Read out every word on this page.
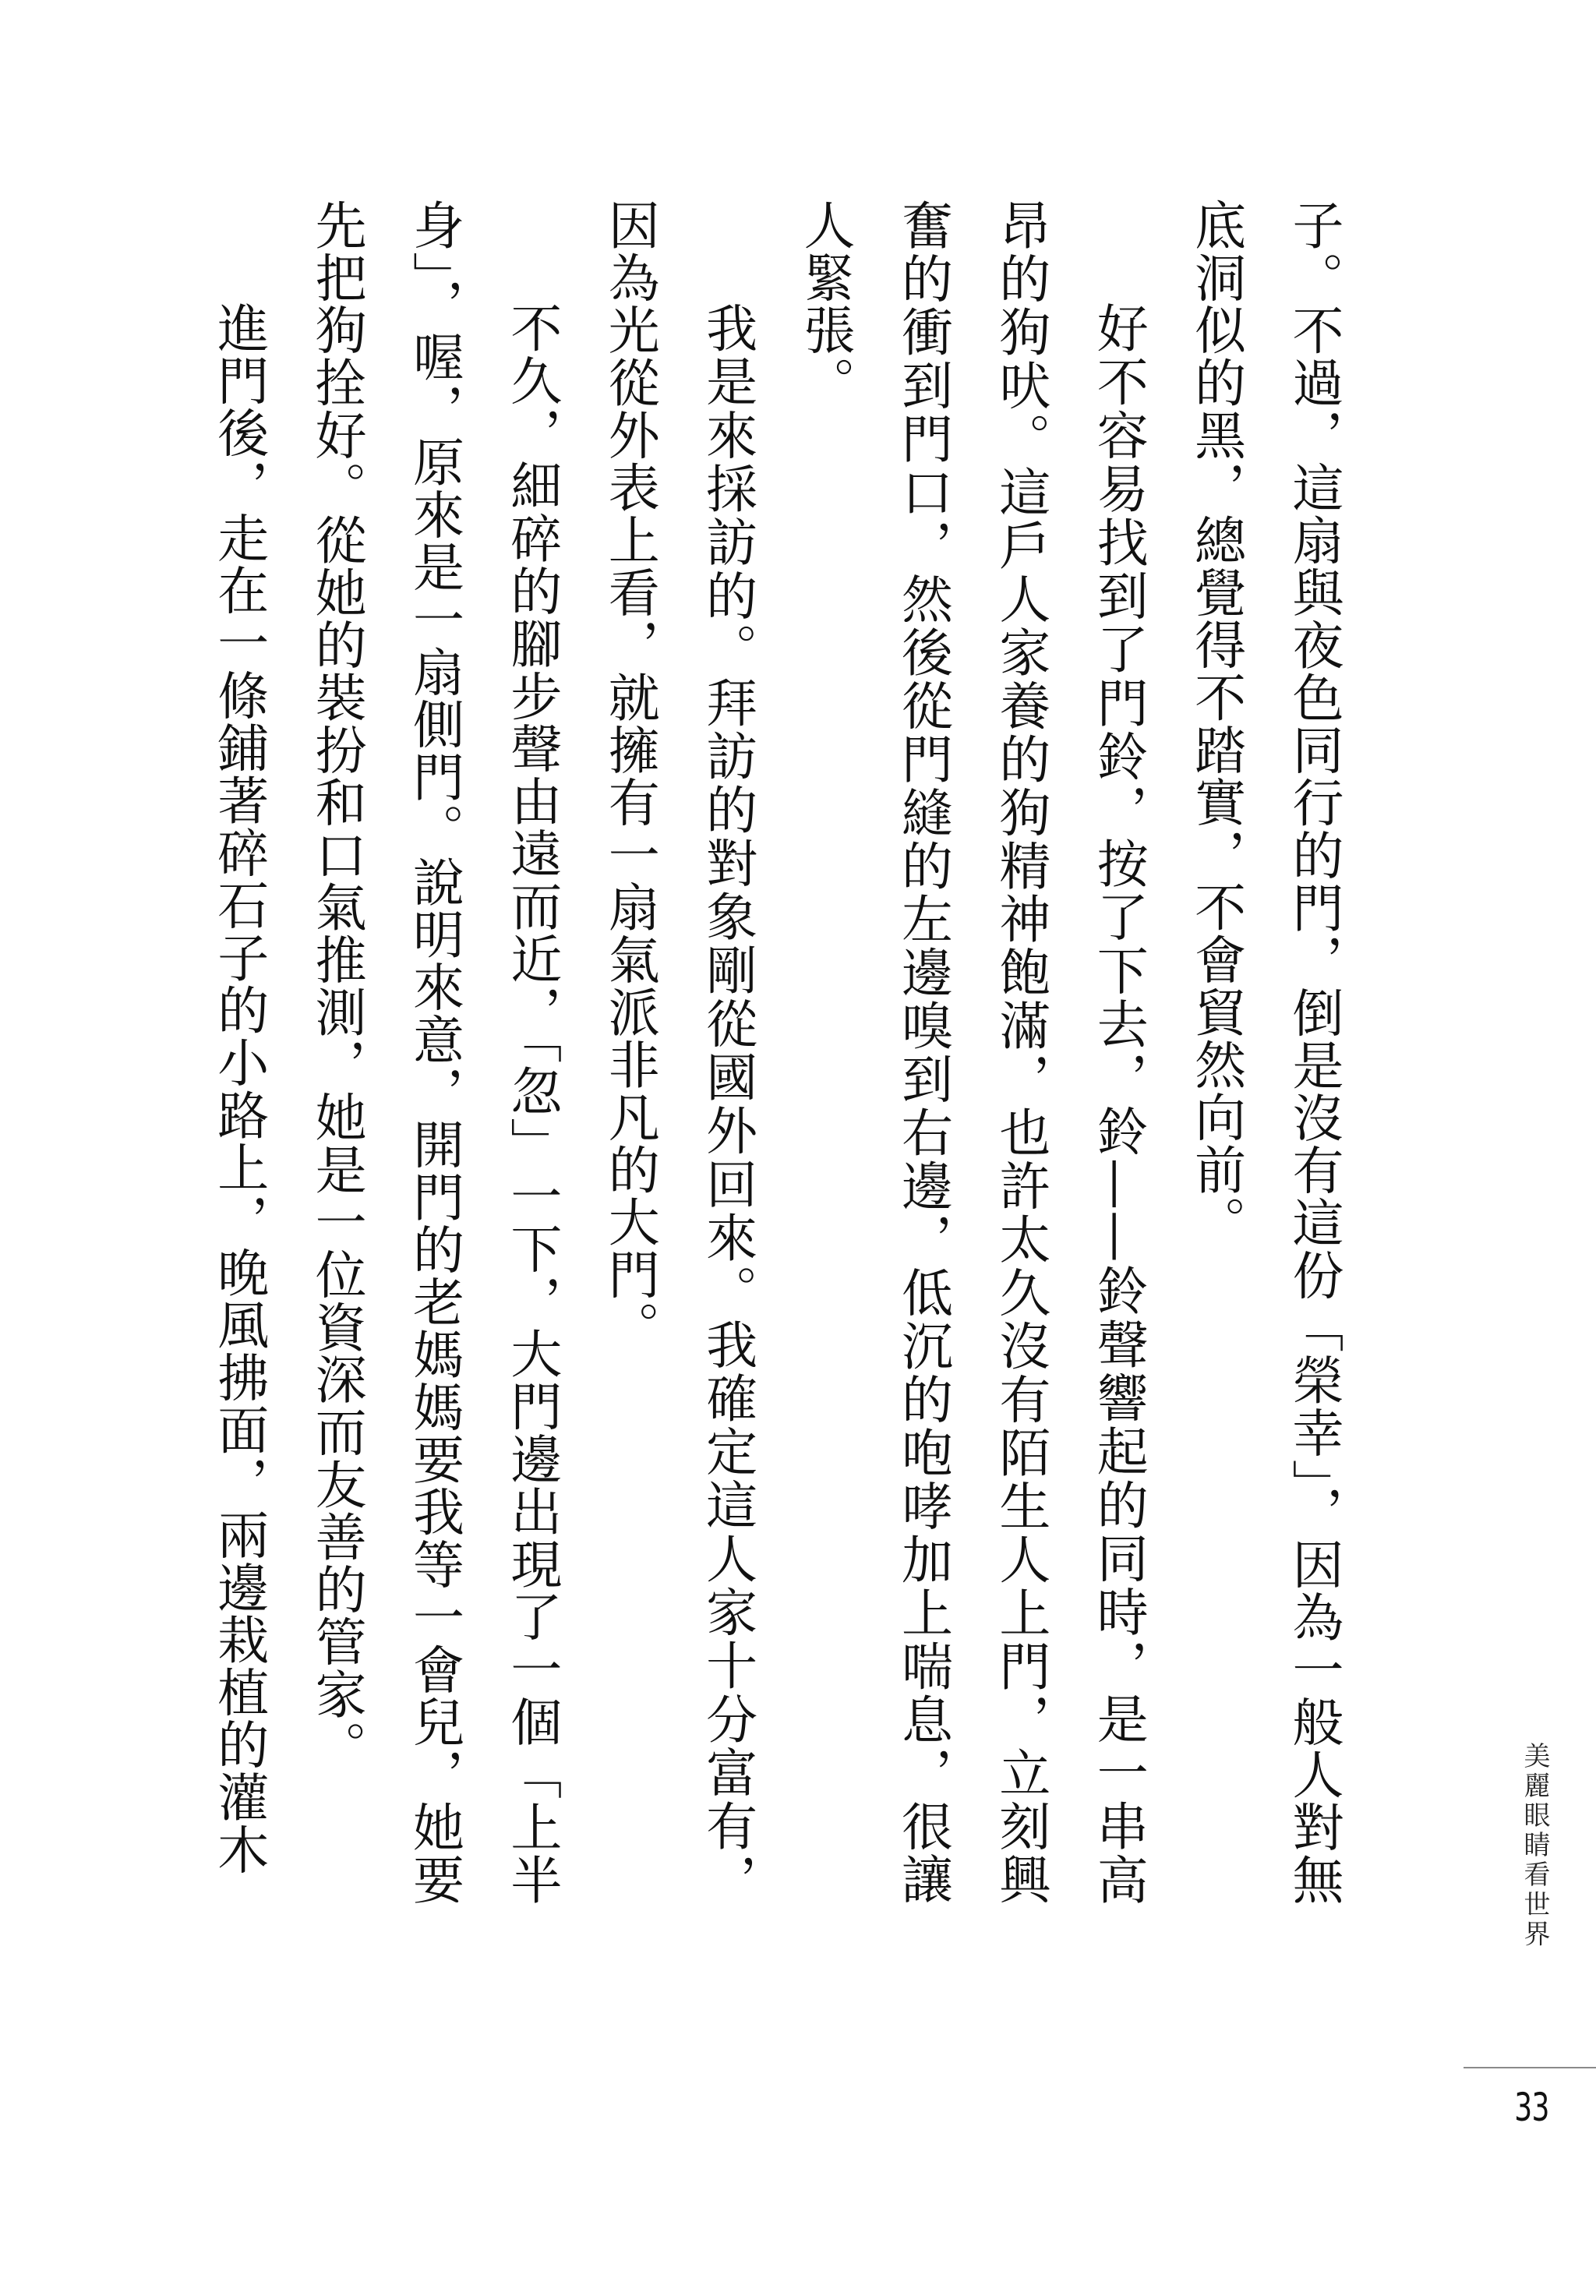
子。不過，這扇與夜色同行的門，倒是沒有這份「榮幸」，因為一般人對無底洞似的黑，總覺得不踏實，不會貿然向前。

好不容易找到了門鈴，按了下去，鈴——鈴聲響起的同時，是一串高昂的狗吠。這戶人家養的狗精神飽滿，也許太久沒有陌生人上門，立刻興奮的衝到門口，然後從門縫的左邊嗅到右邊，低沉的咆哮加上喘息，很讓人緊張。

我是來採訪的。拜訪的對象剛從國外回來。我確定這人家十分富有，因為光從外表上看，就擁有一扇氣派非凡的大門。

不久，細碎的腳步聲由遠而近，「忽」一下，大門邊出現了一個「上半身」，喔，原來是一扇側門。說明來意，開門的老媽媽要我等一會兒，她要先把狗拴好。從她的裝扮和口氣推測，她是一位資深而友善的管家。

進門後，走在一條鋪著碎石子的小路上，晚風拂面，兩邊栽植的灌木	美麗眼睛看世界
33
